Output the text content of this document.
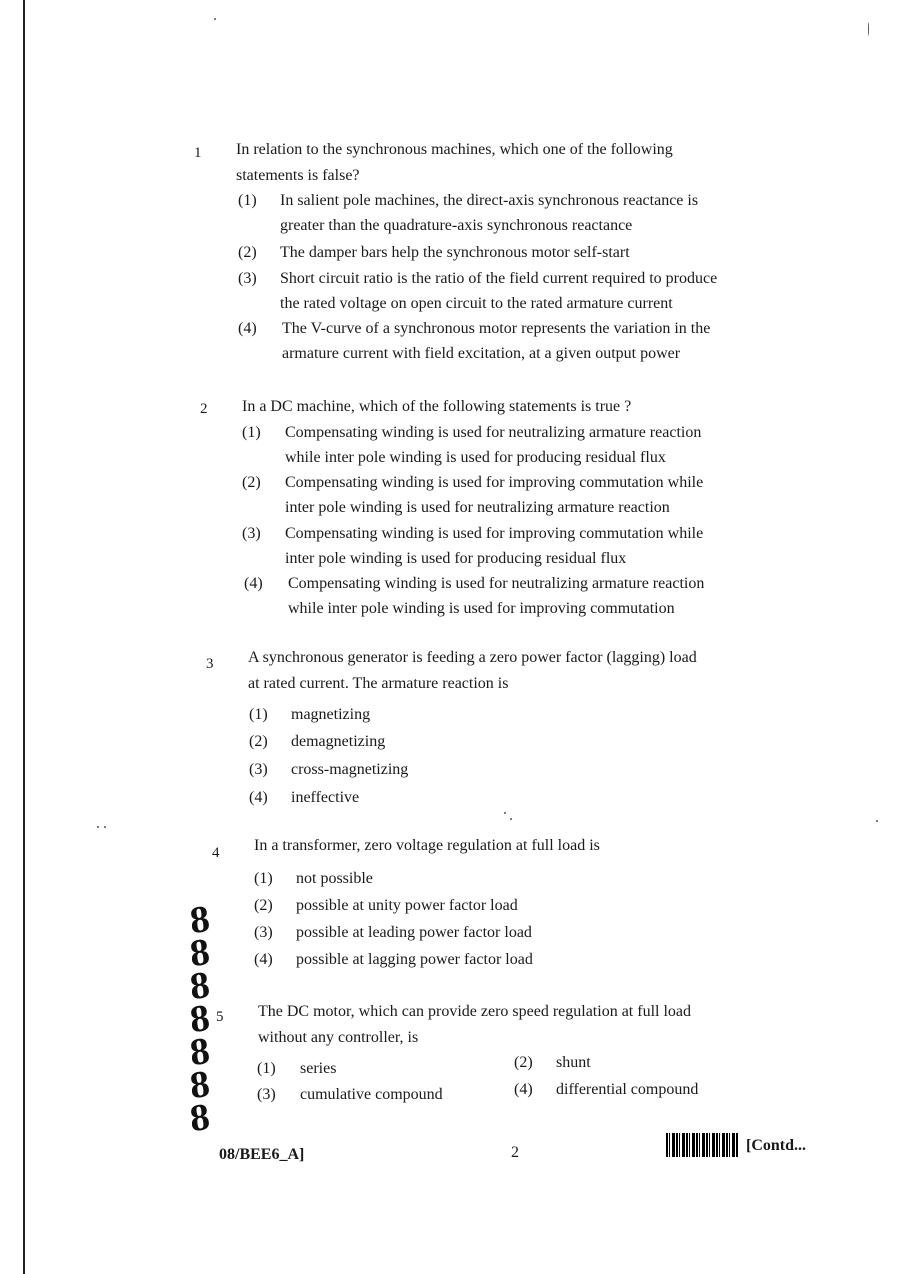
1 In relation to the synchronous machines, which one of the following
statements is false?
(1) In salient pole machines, the direct-axis synchronous reactance is
greater than the quadrature-axis synchronous reactance
(2) The damper bars help the synchronous motor self-start
(3) Short circuit ratio is the ratio of the field current required to produce
the rated voltage on open circuit to the rated armature current
(4) The V-curve of a synchronous motor represents the variation in the
armature current with field excitation, at a given output power
2 In a DC machine, which of the following statements is true ?
(1) Compensating winding is used for neutralizing armature reaction
while inter pole winding is used for producing residual flux
(2) Compensating winding is used for improving commutation while
inter pole winding is used for neutralizing armature reaction
(3) Compensating winding is used for improving commutation while
inter pole winding is used for producing residual flux
(4) Compensating winding is used for neutralizing armature reaction
while inter pole winding is used for improving commutation
3 A synchronous generator is feeding a zero power factor (lagging) load
at rated current. The armature reaction is
(1) magnetizing
(2) demagnetizing
(3) cross-magnetizing
(4) ineffective
4 In a transformer, zero voltage regulation at full load is
(1) not possible
(2) possible at unity power factor load
(3) possible at leading power factor load
(4) possible at lagging power factor load
5 The DC motor, which can provide zero speed regulation at full load
without any controller, is
(1) series	(2) shunt
(3) cumulative compound	(4) differential compound
8
8
8
8
8
8
8
08/BEE6_A]	2	[Contd...
